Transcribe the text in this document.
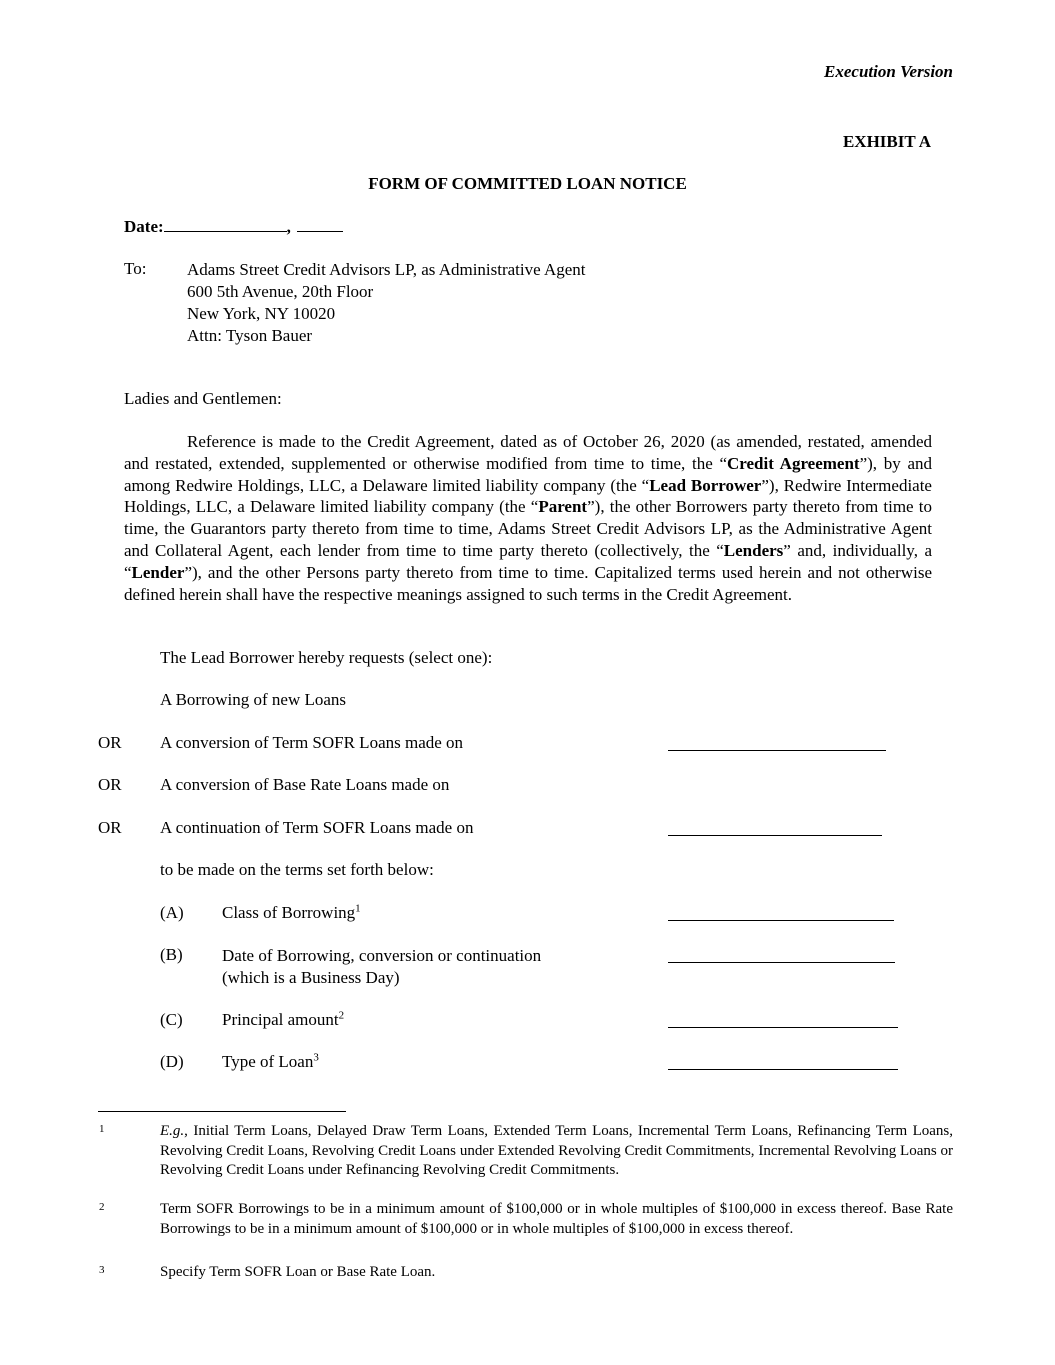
Execution Version
EXHIBIT A
FORM OF COMMITTED LOAN NOTICE
Date:	,
To: Adams Street Credit Advisors LP, as Administrative Agent
600 5th Avenue, 20th Floor
New York, NY 10020
Attn: Tyson Bauer
Ladies and Gentlemen:
Reference is made to the Credit Agreement, dated as of October 26, 2020 (as amended, restated, amended and restated, extended, supplemented or otherwise modified from time to time, the “Credit Agreement”), by and among Redwire Holdings, LLC, a Delaware limited liability company (the “Lead Borrower”), Redwire Intermediate Holdings, LLC, a Delaware limited liability company (the “Parent”), the other Borrowers party thereto from time to time, the Guarantors party thereto from time to time, Adams Street Credit Advisors LP, as the Administrative Agent and Collateral Agent, each lender from time to time party thereto (collectively, the “Lenders” and, individually, a “Lender”), and the other Persons party thereto from time to time. Capitalized terms used herein and not otherwise defined herein shall have the respective meanings assigned to such terms in the Credit Agreement.
The Lead Borrower hereby requests (select one):
A Borrowing of new Loans
OR A conversion of Term SOFR Loans made on
OR A conversion of Base Rate Loans made on
OR A continuation of Term SOFR Loans made on
to be made on the terms set forth below:
(A) Class of Borrowing$^1$
(B) Date of Borrowing, conversion or continuation
(which is a Business Day)
(C) Principal amount$^2$
(D) Type of Loan$^3$
1	E.g., Initial Term Loans, Delayed Draw Term Loans, Extended Term Loans, Incremental Term Loans, Refinancing Term Loans, Revolving Credit Loans, Revolving Credit Loans under Extended Revolving Credit Commitments, Incremental Revolving Loans or Revolving Credit Loans under Refinancing Revolving Credit Commitments.
2	Term SOFR Borrowings to be in a minimum amount of $100,000 or in whole multiples of $100,000 in excess thereof. Base Rate Borrowings to be in a minimum amount of $100,000 or in whole multiples of $100,000 in excess thereof.
3	Specify Term SOFR Loan or Base Rate Loan.
